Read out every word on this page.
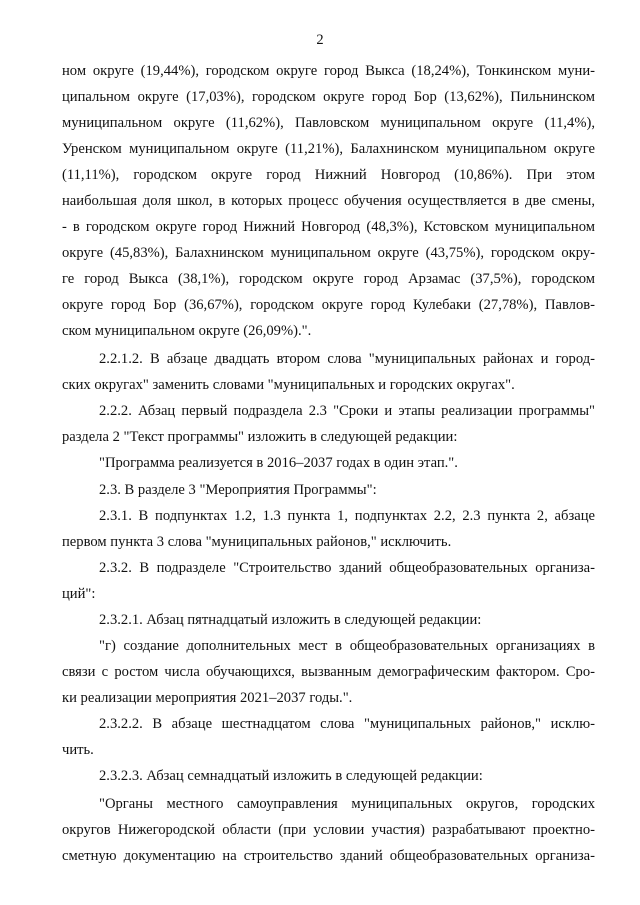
2
ном округе (19,44%), городском округе город Выкса (18,24%), Тонкинском муни-
ципальном округе (17,03%), городском округе город Бор (13,62%), Пильнинском
муниципальном округе (11,62%), Павловском муниципальном округе (11,4%),
Уренском муниципальном округе (11,21%), Балахнинском муниципальном округе
(11,11%), городском округе город Нижний Новгород (10,86%). При этом
наибольшая доля школ, в которых процесс обучения осуществляется в две смены,
- в городском округе город Нижний Новгород (48,3%), Кстовском муниципальном
округе (45,83%), Балахнинском муниципальном округе (43,75%), городском окру-
ге город Выкса (38,1%), городском округе город Арзамас (37,5%), городском
округе город Бор (36,67%), городском округе город Кулебаки (27,78%), Павлов-
ском муниципальном округе (26,09%).".
2.2.1.2. В абзаце двадцать втором слова "муниципальных районах и город-
ских округах" заменить словами "муниципальных и городских округах".
2.2.2. Абзац первый подраздела 2.3 "Сроки и этапы реализации программы"
раздела 2 "Текст программы" изложить в следующей редакции:
"Программа реализуется в 2016–2037 годах в один этап.".
2.3. В разделе 3 "Мероприятия Программы":
2.3.1. В подпунктах 1.2, 1.3 пункта 1, подпунктах 2.2, 2.3 пункта 2, абзаце
первом пункта 3 слова "муниципальных районов," исключить.
2.3.2. В подразделе "Строительство зданий общеобразовательных организа-
ций":
2.3.2.1. Абзац пятнадцатый изложить в следующей редакции:
"г) создание дополнительных мест в общеобразовательных организациях в
связи с ростом числа обучающихся, вызванным демографическим фактором. Сро-
ки реализации мероприятия 2021–2037 годы.".
2.3.2.2. В абзаце шестнадцатом слова "муниципальных районов," исклю-
чить.
2.3.2.3. Абзац семнадцатый изложить в следующей редакции:
"Органы местного самоуправления муниципальных округов, городских
округов Нижегородской области (при условии участия) разрабатывают проектно-
сметную документацию на строительство зданий общеобразовательных организа-
